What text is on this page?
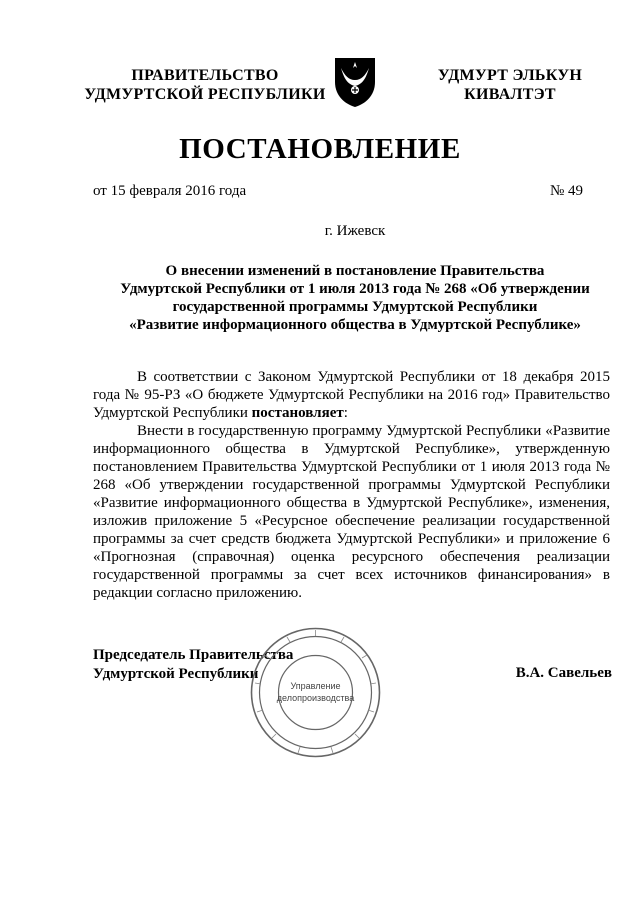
ПРАВИТЕЛЬСТВО
УДМУРТСКОЙ РЕСПУБЛИКИ
УДМУРТ ЭЛЬКУН
КИВАЛТЭТ
ПОСТАНОВЛЕНИЕ
от 15 февраля 2016 года	№ 49
г. Ижевск
О внесении изменений в постановление Правительства
Удмуртской Республики от 1 июля 2013 года № 268 «Об утверждении
государственной программы Удмуртской Республики
«Развитие информационного общества в Удмуртской Республике»

В соответствии с Законом Удмуртской Республики от 18 декабря 2015 года № 95-РЗ «О бюджете Удмуртской Республики на 2016 год» Правительство Удмуртской Республики постановляет:

Внести в государственную программу Удмуртской Республики «Развитие информационного общества в Удмуртской Республике», утвержденную постановлением Правительства Удмуртской Республики от 1 июля 2013 года № 268 «Об утверждении государственной программы Удмуртской Республики «Развитие информационного общества в Удмуртской Республике», изменения, изложив приложение 5 «Ресурсное обеспечение реализации государственной программы за счет средств бюджета Удмуртской Республики» и приложение 6 «Прогнозная (справочная) оценка ресурсного обеспечения реализации государственной программы за счет всех источников финансирования» в редакции согласно приложению.

Председатель Правительства
Удмуртской Республики	В.А. Савельев
Управление
делопроизводства
